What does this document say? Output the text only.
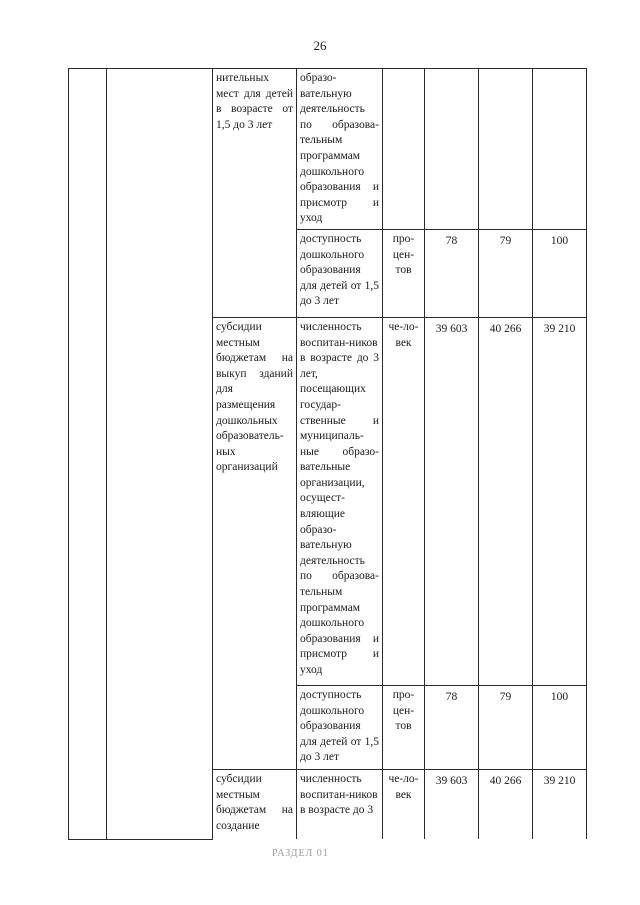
26
		нительных мест для детей в возрасте от 1,5 до 3 лет	образо-вательную деятельность по образова-тельным программам дошкольного образования и присмотр и уход				
			доступность дошкольного образования для детей от 1,5 до 3 лет	про-цен-тов	78	79	100
		субсидии местным бюджетам на выкуп зданий для размещения дошкольных образователь-ных организаций	численность воспитан-ников в возрасте до 3 лет, посещающих государ-ственные и муниципаль-ные образо-вательные организации, осущест-вляющие образо-вательную деятельность по образова-тельным программам дошкольного образования и присмотр и уход	че-ло-век	39 603	40 266	39 210
			доступность дошкольного образования для детей от 1,5 до 3 лет	про-цен-тов	78	79	100
		субсидии местным бюджетам на создание	численность воспитан-ников в возрасте до 3	че-ло-век	39 603	40 266	39 210
РАЗДЕЛ 01
